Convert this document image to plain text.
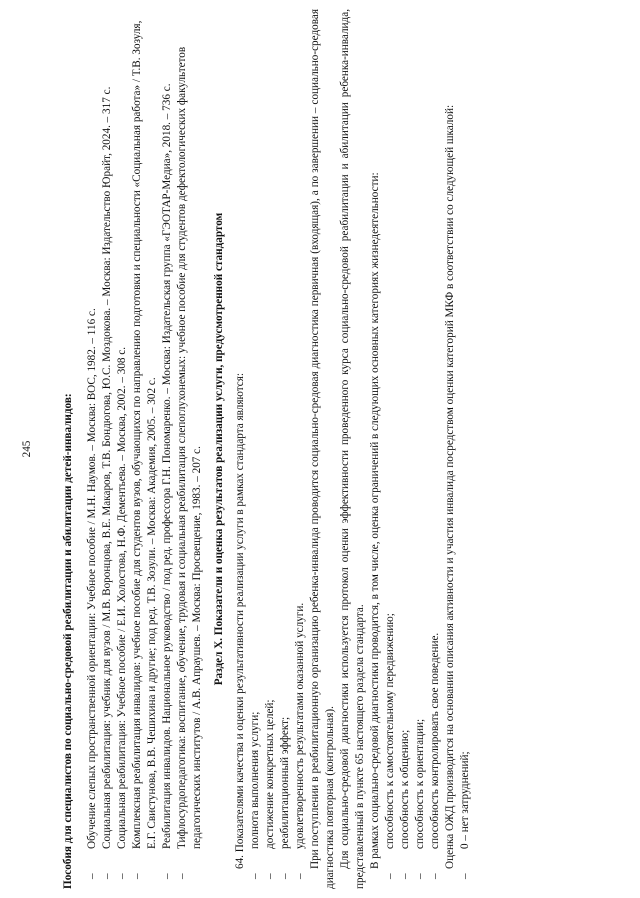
245	Пособия для специалистов по социально-средовой реабилитации и абилитации детей-инвалидов: –
Обучение слепых пространственной ориентации: Учебное пособие / М.Н. Наумов. – Москва: ВОС, 1982. – 116 с.
–
Социальная реабилитация: учебник для вузов / М.В. Воронцова, В.Е. Макаров, Т.В. Бондюгова, Ю.С. Моздокова. – Москва: Издательство Юрайт, 2024. – 317 с.
–
Социальная реабилитация: Учебное пособие / Е.И. Холостова, Н.Ф. Дементьева. – Москва, 2002. – 308 с.
–
Комплексная реабилитация инвалидов: учебное пособие для студентов вузов, обучающихся по направлению подготовки и специальности «Социальная работа» / Т.В. Зозуля, Е.Г. Свистунова, В.В. Чешихина и другие; под ред. Т.В. Зозули. – Москва: Академия, 2005. – 302 с.
–
Реабилитация инвалидов. Национальное руководство / под ред. профессора Г.Н. Пономаренко. – Москва: Издательская группа «ГЭОТАР-Медиа», 2018. – 736 с.
–
Тифлосурдопедагогика: воспитание, обучение, трудовая и социальная реабилитация слепоглухонемых: учебное пособие для студентов дефектологических факультетов педагогических институтов / А.В. Апраушев. – Москва: Просвещение, 1983. – 207 с. Раздел X. Показатели и оценка результатов реализации услуги, предусмотренной стандартом 64. Показателями качества и оценки результативности реализации услуги в рамках стандарта являются:

–
полнота выполнения услуги;
–
достижение конкретных целей;
–
реабилитационный эффект;
–
удовлетворенность результатами оказанной услуги. При поступлении в реабилитационную организацию ребенка-инвалида проводится социально-средовая диагностика первичная (входящая), а по завершении – социально-средовая диагностика повторная (контрольная). Для социально-средовой диагностики используется протокол оценки эффективности проведенного курса социально-средовой реабилитации и абилитации ребенка-инвалида, представленный в пункте 65 настоящего раздела стандарта. В рамках социально-средовой диагностики проводится, в том числе, оценка ограничений в следующих основных категориях жизнедеятельности:

–
способность к самостоятельному передвижению;
–
способность к общению;
–
способность к ориентации;
–
способность контролировать свое поведение. Оценка ОЖД производится на основании описания активности и участия инвалида посредством оценки категорий МКФ в соответствии со следующей шкалой:

–
0 – нет затруднений;
